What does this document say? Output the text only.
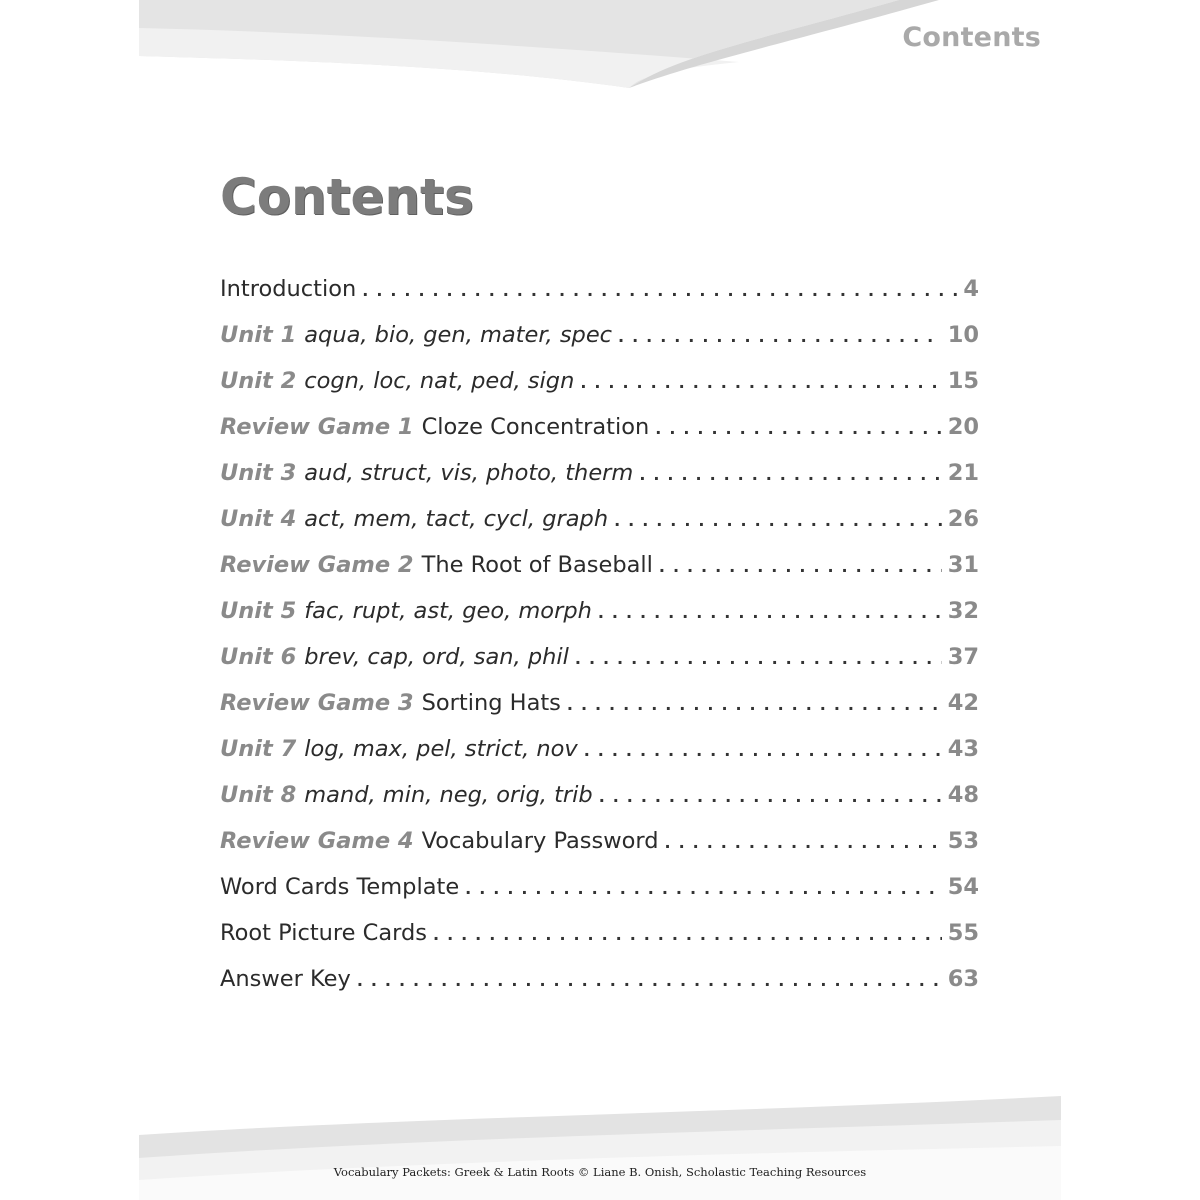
Contents
Contents
Introduction . . .	4
Unit 1 aqua, bio, gen, mater, spec . . .	10
Unit 2 cogn, loc, nat, ped, sign . . .	15
Review Game 1 Cloze Concentration . . .	20
Unit 3 aud, struct, vis, photo, therm . . .	21
Unit 4 act, mem, tact, cycl, graph . . .	26
Review Game 2 The Root of Baseball . . .	31
Unit 5 fac, rupt, ast, geo, morph . . .	32
Unit 6 brev, cap, ord, san, phil . . .	37
Review Game 3 Sorting Hats . . .	42
Unit 7 log, max, pel, strict, nov . . .	43
Unit 8 mand, min, neg, orig, trib . . .	48
Review Game 4 Vocabulary Password . . .	53
Word Cards Template . . .	54
Root Picture Cards . . .	55
Answer Key . . .	63
Vocabulary Packets: Greek & Latin Roots © Liane B. Onish, Scholastic Teaching Resources
